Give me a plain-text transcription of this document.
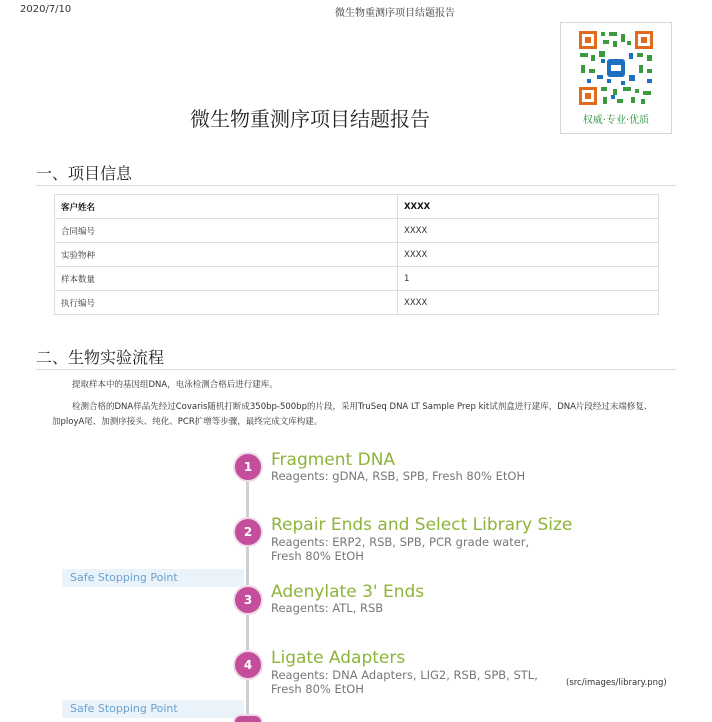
2020/7/10	微生物重测序项目结题报告
权威·专业·优质
微生物重测序项目结题报告
一、项目信息
客户姓名	XXXX
合同编号	XXXX
实验物种	XXXX
样本数量	1
执行编号	XXXX
二、生物实验流程
提取样本中的基因组DNA，电泳检测合格后进行建库。
检测合格的DNA样品先经过Covaris随机打断成350bp-500bp的片段，采用TruSeq DNA LT Sample Prep kit试剂盒进行建库，DNA片段经过末端修复、
加ployA尾、加测序接头、纯化、PCR扩增等步骤，最终完成文库构建。
1	Fragment DNA
Reagents: gDNA, RSB, SPB, Fresh 80% EtOH
2	Repair Ends and Select Library Size
Reagents: ERP2, RSB, SPB, PCR grade water,
Fresh 80% EtOH
Safe Stopping Point
3	Adenylate 3' Ends
Reagents: ATL, RSB
4	Ligate Adapters
Reagents: DNA Adapters, LIG2, RSB, SPB, STL,
Fresh 80% EtOH	(src/images/library.png)
Safe Stopping Point
